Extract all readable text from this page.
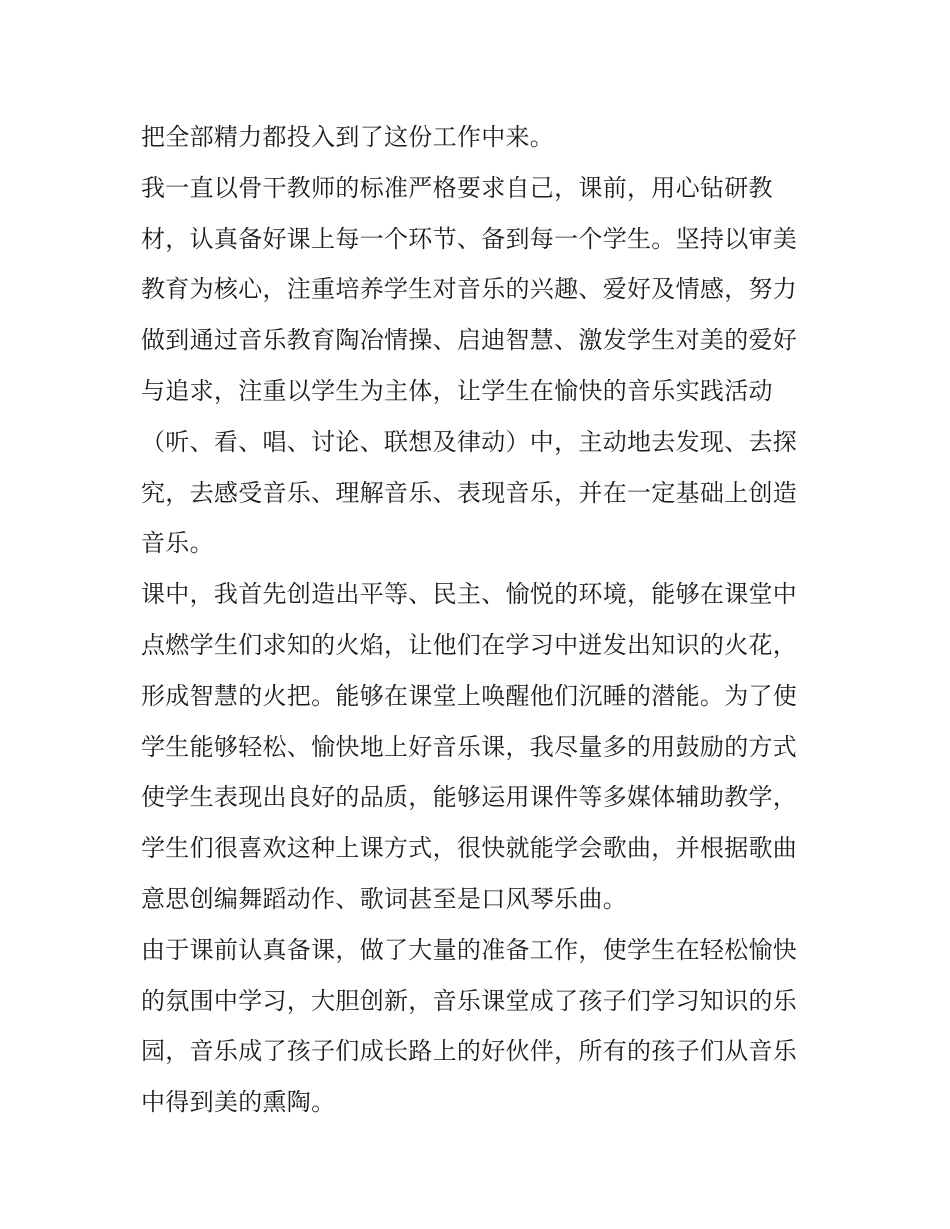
把全部精力都投入到了这份工作中来。
我一直以骨干教师的标准严格要求自己，课前，用心钻研教
材，认真备好课上每一个环节、备到每一个学生。坚持以审美
教育为核心，注重培养学生对音乐的兴趣、爱好及情感，努力
做到通过音乐教育陶冶情操、启迪智慧、激发学生对美的爱好
与追求，注重以学生为主体，让学生在愉快的音乐实践活动
（听、看、唱、讨论、联想及律动）中，主动地去发现、去探
究，去感受音乐、理解音乐、表现音乐，并在一定基础上创造
音乐。
课中，我首先创造出平等、民主、愉悦的环境，能够在课堂中
点燃学生们求知的火焰，让他们在学习中迸发出知识的火花，
形成智慧的火把。能够在课堂上唤醒他们沉睡的潜能。为了使
学生能够轻松、愉快地上好音乐课，我尽量多的用鼓励的方式
使学生表现出良好的品质，能够运用课件等多媒体辅助教学，
学生们很喜欢这种上课方式，很快就能学会歌曲，并根据歌曲
意思创编舞蹈动作、歌词甚至是口风琴乐曲。
由于课前认真备课，做了大量的准备工作，使学生在轻松愉快
的氛围中学习，大胆创新，音乐课堂成了孩子们学习知识的乐
园，音乐成了孩子们成长路上的好伙伴，所有的孩子们从音乐
中得到美的熏陶。
